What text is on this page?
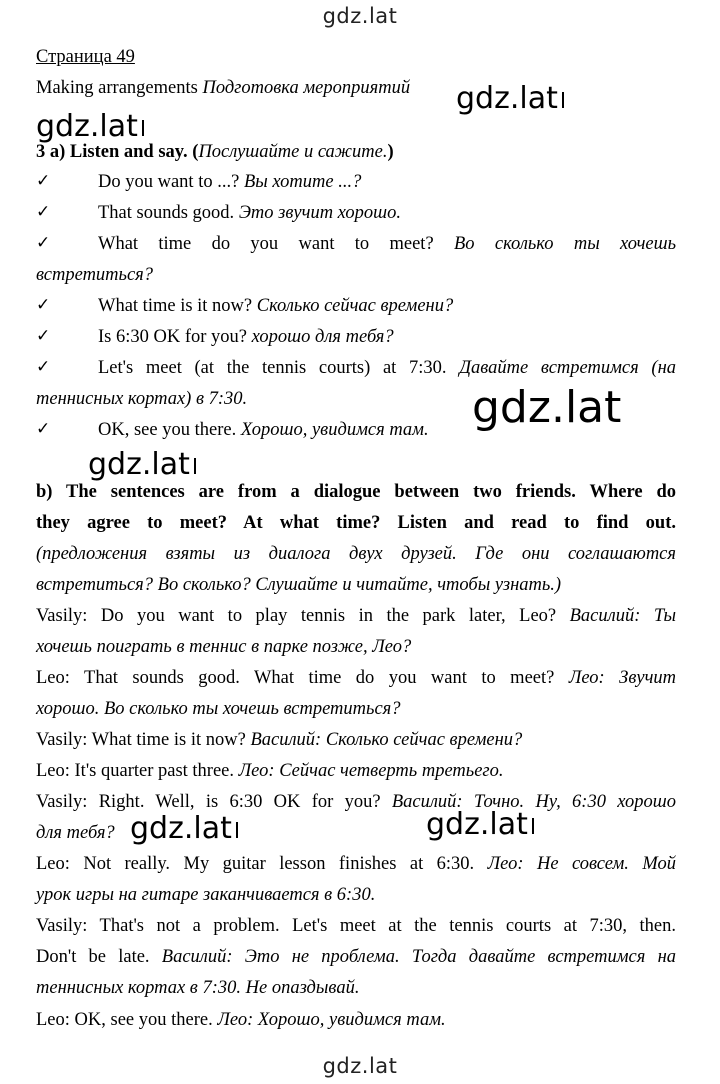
gdz.lat
gdz.lat
Страница 49
Making arrangements Подготовка мероприятий
3 a) Listen and say. (Послушайте и сажите.)
✓	Do you want to ...? Вы хотите ...?
✓	That sounds good. Это звучит хорошо.
✓	What time do you want to meet? Во сколько ты хочешь
встретиться?
✓	What time is it now? Сколько сейчас времени?
✓	Is 6:30 OK for you? хорошо для тебя?
✓	Let's meet (at the tennis courts) at 7:30. Давайте встретимся (на
теннисных кортах) в 7:30.
✓	OK, see you there. Хорошо, увидимся там.
b) The sentences are from a dialogue between two friends. Where do
they agree to meet? At what time? Listen and read to find out.
(предложения взяты из диалога двух друзей. Где они соглашаются
встретиться? Во сколько? Слушайте и читайте, чтобы узнать.)
Vasily: Do you want to play tennis in the park later, Leo? Василий: Ты
хочешь поиграть в теннис в парке позже, Лео?
Leo: That sounds good. What time do you want to meet? Лео: Звучит
хорошо. Во сколько ты хочешь встретиться?
Vasily: What time is it now? Василий: Сколько сейчас времени?
Leo: It's quarter past three. Лео: Сейчас четверть третьего.
Vasily: Right. Well, is 6:30 OK for you? Василий: Точно. Ну, 6:30 хорошо
для тебя?
Leo: Not really. My guitar lesson finishes at 6:30. Лео: Не совсем. Мой
урок игры на гитаре заканчивается в 6:30.
Vasily: That's not a problem. Let's meet at the tennis courts at 7:30, then.
Don't be late. Василий: Это не проблема. Тогда давайте встретимся на
теннисных кортах в 7:30. Не опаздывай.
Leo: OK, see you there. Лео: Хорошо, увидимся там.
gdz.lat
gdz.lat
gdz.lat
gdz.lat
gdz.lat	gdz.lat
